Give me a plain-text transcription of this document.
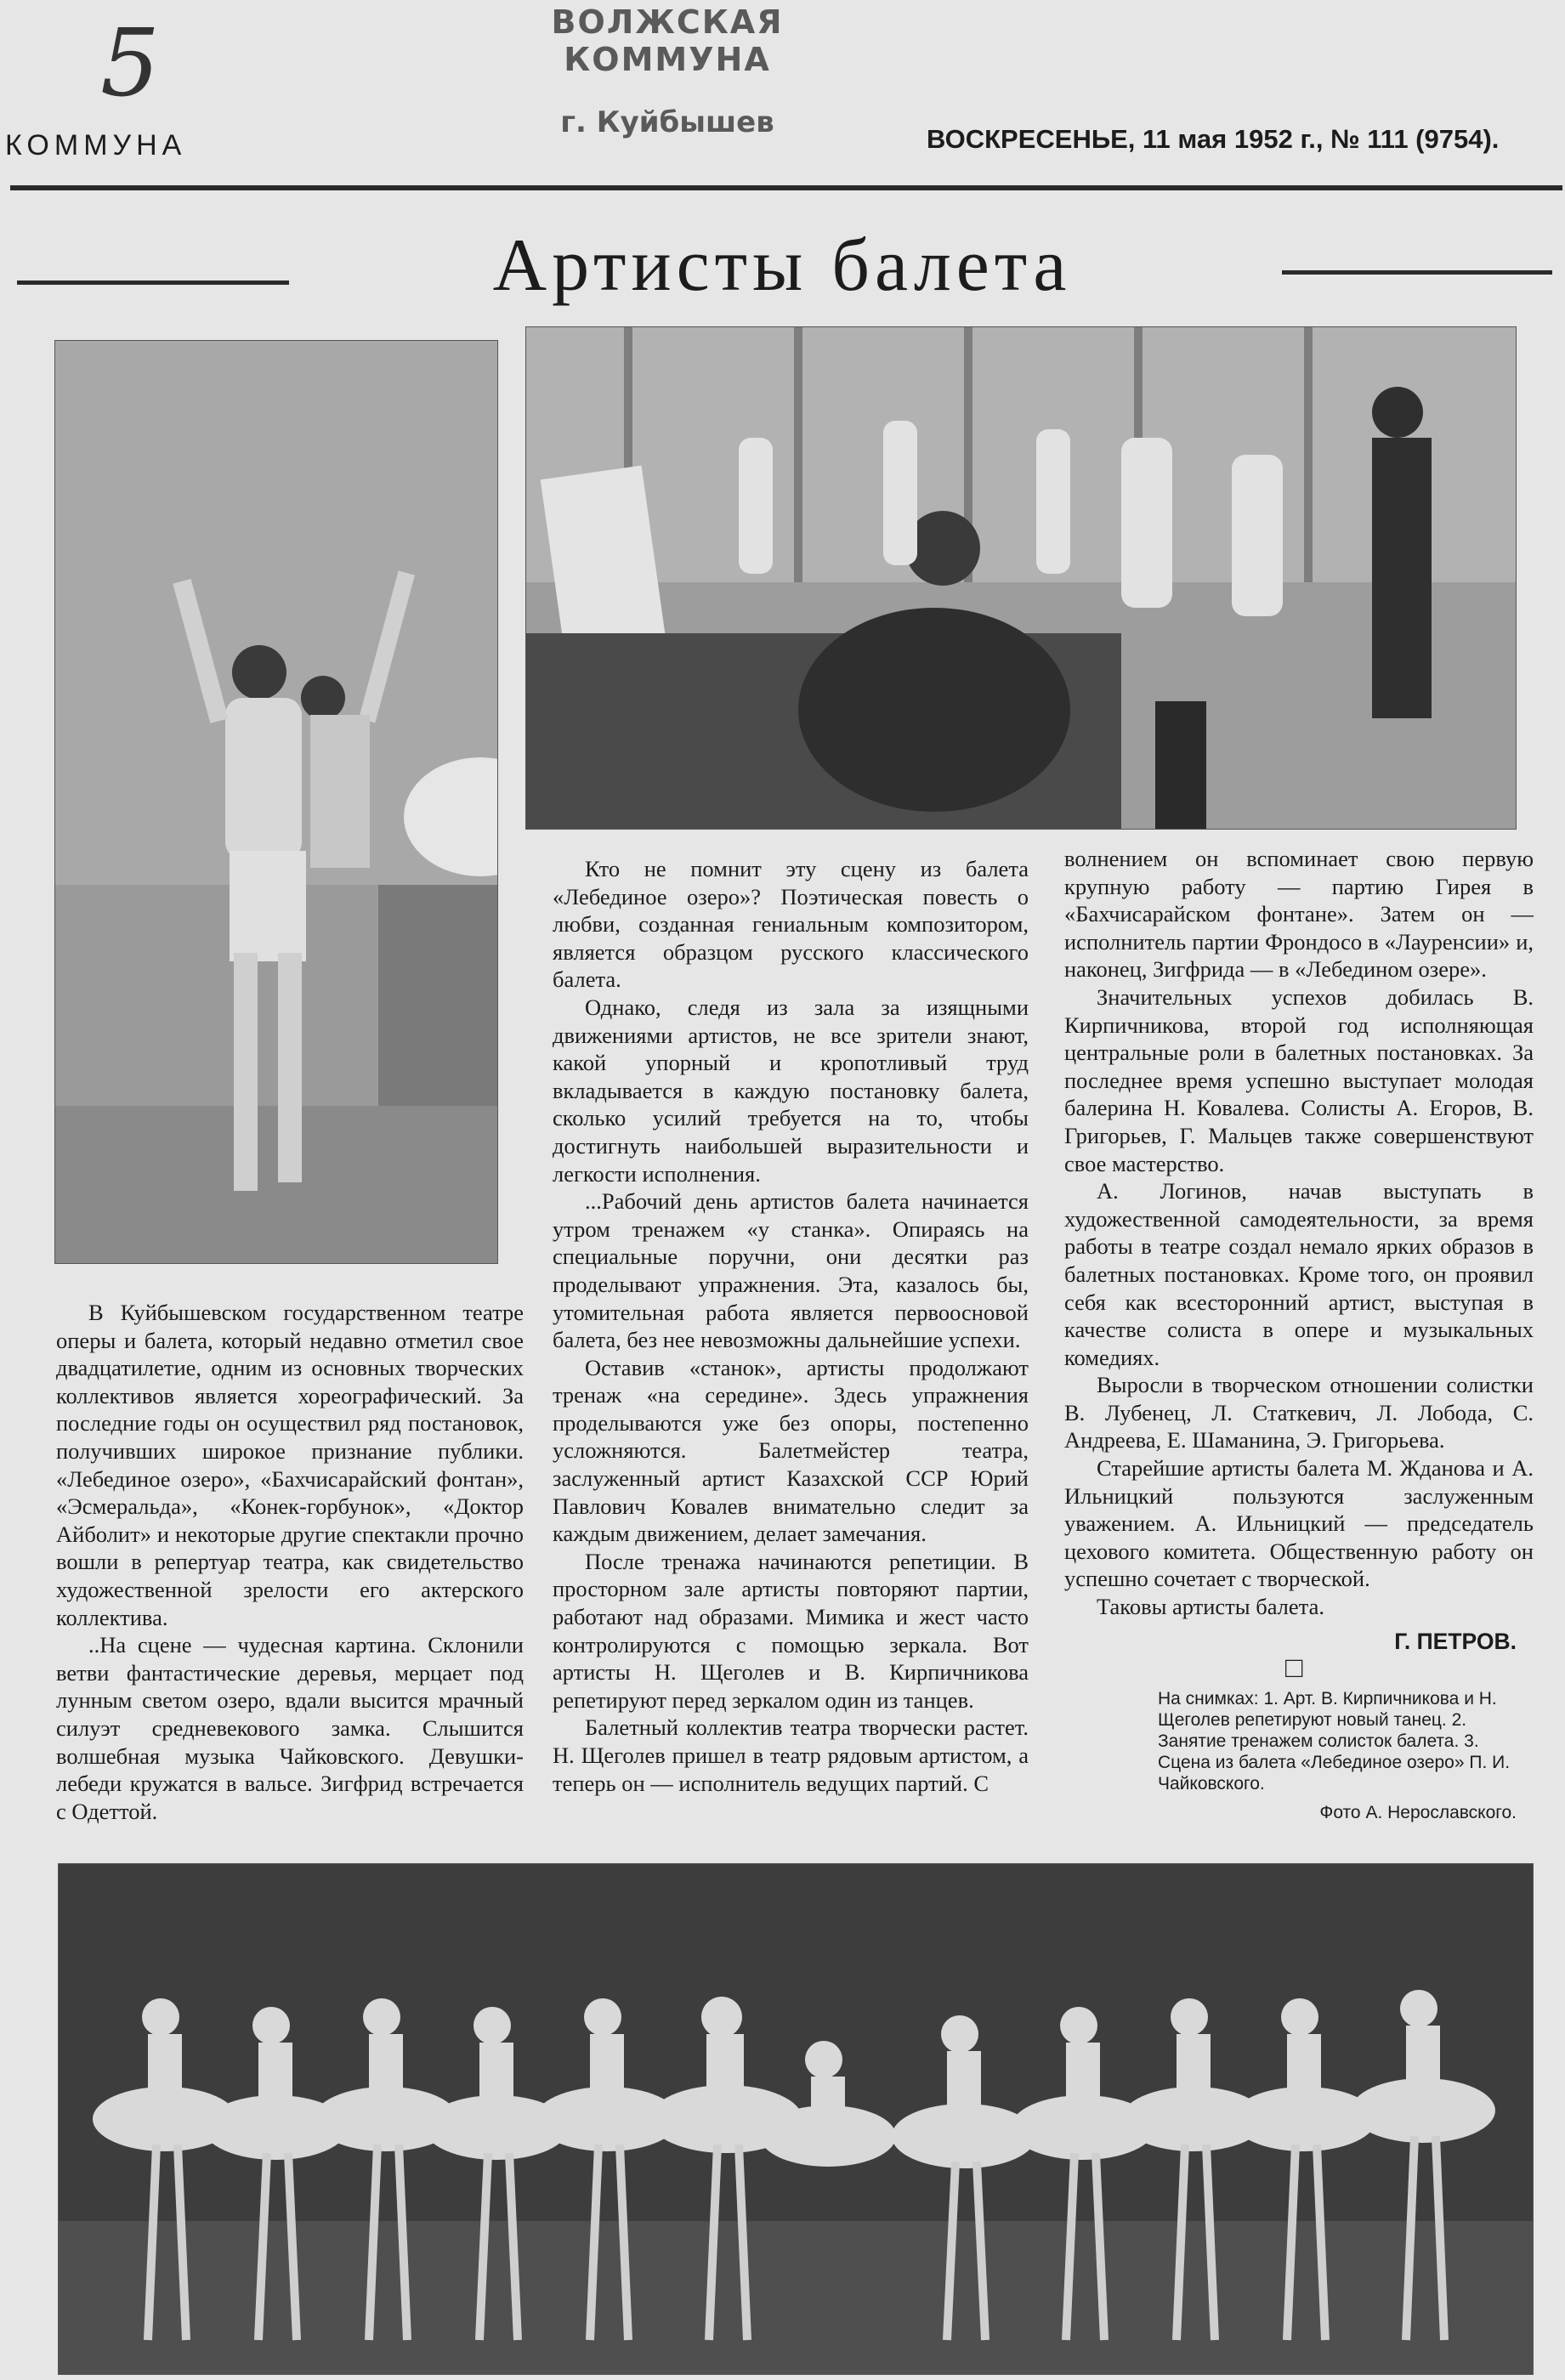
ВОЛЖСКАЯ КОММУНА
г. Куйбышев
5
КОММУНА	ВОСКРЕСЕНЬЕ, 11 мая 1952 г., № 111 (9754).
Артисты балета

В Куйбышевском государственном театре оперы и балета, который недавно отметил свое двадцатилетие, одним из основных творческих коллективов является хореографический. За последние годы он осуществил ряд постановок, получивших широкое признание публики. «Лебединое озеро», «Бахчисарайский фонтан», «Эсмеральда», «Конек-горбунок», «Доктор Айболит» и некоторые другие спектакли прочно вошли в репертуар театра, как свидетельство художественной зрелости его актерского коллектива.

..На сцене — чудесная картина. Склонили ветви фантастические деревья, мерцает под лунным светом озеро, вдали высится мрачный силуэт средневекового замка. Слышится волшебная музыка Чайковского. Девушки-лебеди кружатся в вальсе. Зигфрид встречается с Одеттой.

Кто не помнит эту сцену из балета «Лебединое озеро»? Поэтическая повесть о любви, созданная гениальным композитором, является образцом русского классического балета.

Однако, следя из зала за изящными движениями артистов, не все зрители знают, какой упорный и кропотливый труд вкладывается в каждую постановку балета, сколько усилий требуется на то, чтобы достигнуть наибольшей выразительности и легкости исполнения.

...Рабочий день артистов балета начинается утром тренажем «у станка». Опираясь на специальные поручни, они десятки раз проделывают упражнения. Эта, казалось бы, утомительная работа является первоосновой балета, без нее невозможны дальнейшие успехи.

Оставив «станок», артисты продолжают тренаж «на середине». Здесь упражнения проделываются уже без опоры, постепенно усложняются. Балетмейстер театра, заслуженный артист Казахской ССР Юрий Павлович Ковалев внимательно следит за каждым движением, делает замечания.

После тренажа начинаются репетиции. В просторном зале артисты повторяют партии, работают над образами. Мимика и жест часто контролируются с помощью зеркала. Вот артисты Н. Щеголев и В. Кирпичникова репетируют перед зеркалом один из танцев.

Балетный коллектив театра творчески растет. Н. Щеголев пришел в театр рядовым артистом, а теперь он — исполнитель ведущих партий. С

волнением он вспоминает свою первую крупную работу — партию Гирея в «Бахчисарайском фонтане». Затем он — исполнитель партии Фрондосо в «Лауренсии» и, наконец, Зигфрида — в «Лебедином озере».

Значительных успехов добилась В. Кирпичникова, второй год исполняющая центральные роли в балетных постановках. За последнее время успешно выступает молодая балерина Н. Ковалева. Солисты А. Егоров, В. Григорьев, Г. Мальцев также совершенствуют свое мастерство.

А. Логинов, начав выступать в художественной самодеятельности, за время работы в театре создал немало ярких образов в балетных постановках. Кроме того, он проявил себя как всесторонний артист, выступая в качестве солиста в опере и музыкальных комедиях.

Выросли в творческом отношении солистки В. Лубенец, Л. Статкевич, Л. Лобода, С. Андреева, Е. Шаманина, Э. Григорьева.

Старейшие артисты балета М. Жданова и А. Ильницкий пользуются заслуженным уважением. А. Ильницкий — председатель цехового комитета. Общественную работу он успешно сочетает с творческой.

Таковы артисты балета.

Г. ПЕТРОВ.
□
На снимках: 1. Арт. В. Кирпичникова и Н. Щеголев репетируют новый танец. 2. Занятие тренажем солисток балета. 3. Сцена из балета «Лебединое озеро» П. И. Чайковского.
Фото А. Нерославского.
